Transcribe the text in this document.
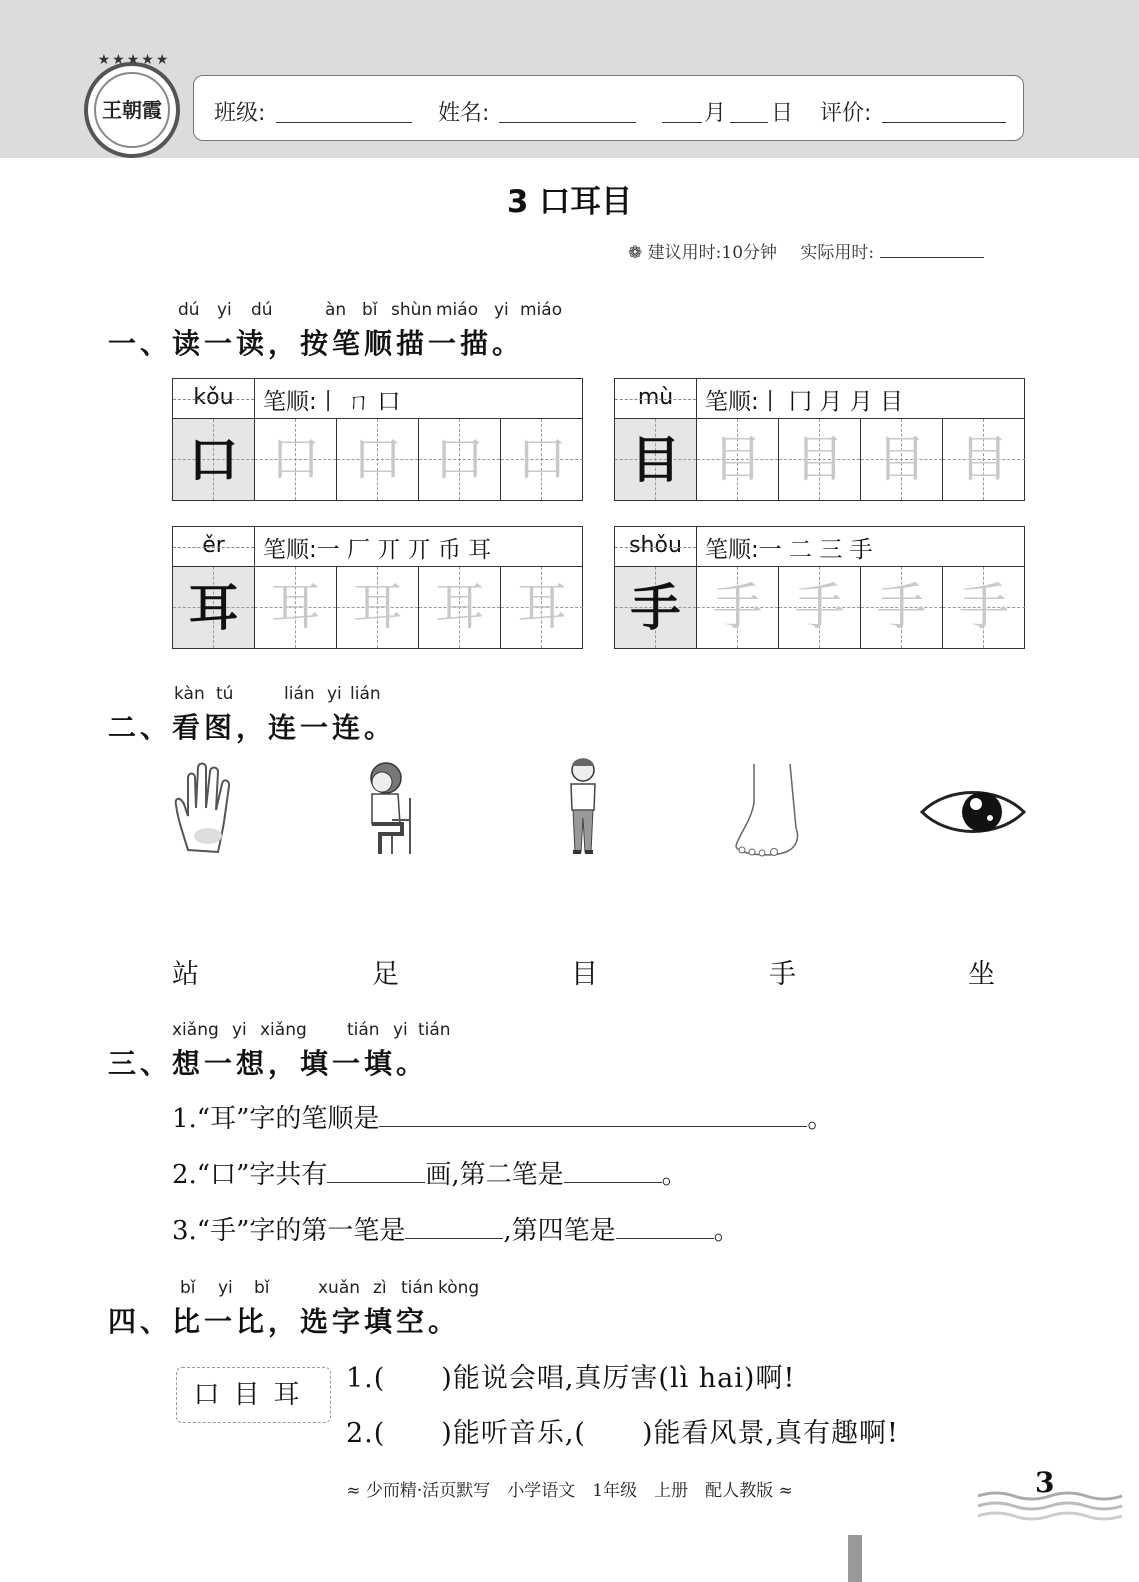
★★★★★
王朝霞	班级:	姓名:	月 日 评价:
3 口耳目
❁ 建议用时:10分钟 实际用时:
dú yi dú	àn bǐ shùn miáo yi miáo
一、读一读，按笔顺描一描。
kǒu	笔顺:丨 ㄇ 口
口 口 口 口 口
mù	笔顺:丨 冂 月 月 目
目 目 目 目 目
ěr	笔顺:一 厂 丌 丌 币 耳
耳 耳 耳 耳 耳
shǒu	笔顺:一 二 三 手
手 手 手 手 手
kàn tú	lián yi lián
二、看图，连一连。
站	足	目	手	坐
xiǎng yi xiǎng tián yi tián
三、想一想，填一填。
1.“耳”字的笔顺是	。
2.“口”字共有	画,第二笔是	。
3.“手”字的第一笔是	,第四笔是	。
bǐ yi bǐ	xuǎn zì tián kòng
四、比一比，选字填空。
口目耳
1.(　　)能说会唱,真厉害(lì hai)啊!
2.(　　)能听音乐,(　　)能看风景,真有趣啊!
≈ 少而精·活页默写　小学语文　1年级　上册　配人教版 ≈	3
